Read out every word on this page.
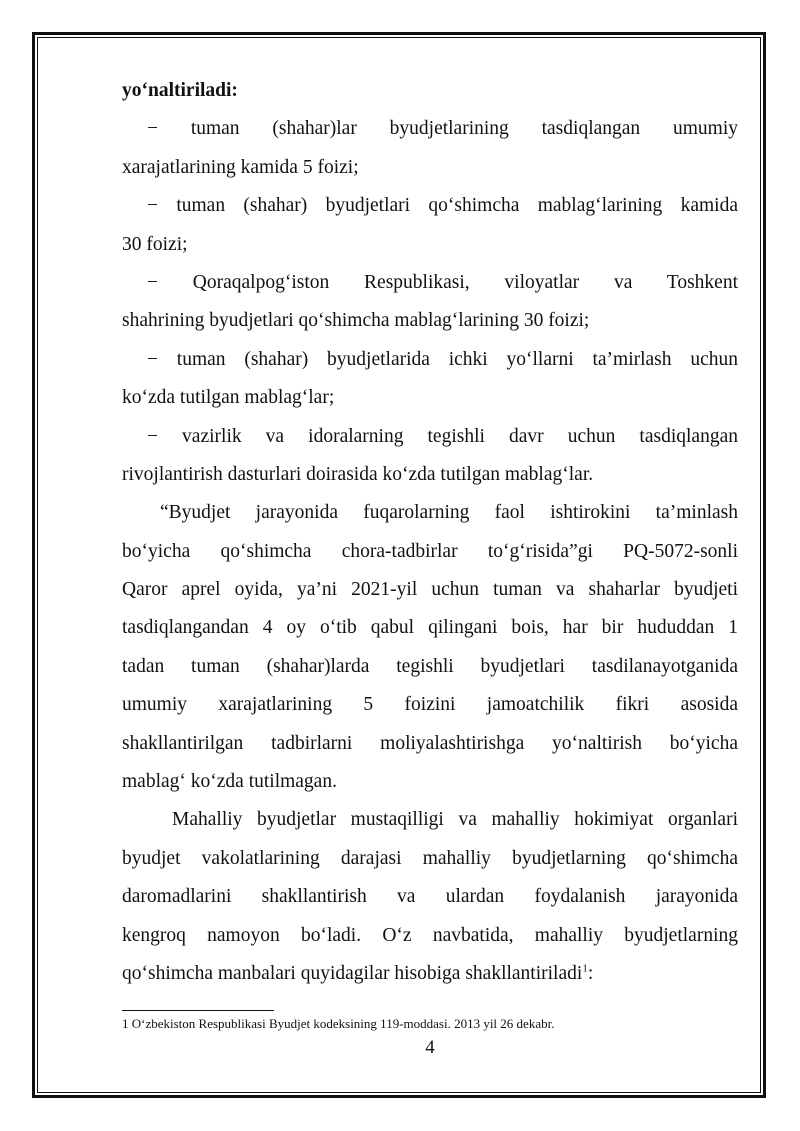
yo‘naltiriladi:
− tuman (shahar)lar byudjetlarining tasdiqlangan umumiy
xarajatlarining kamida 5 foizi;
− tuman (shahar) byudjetlari qo‘shimcha mablag‘larining kamida
30 foizi;
− Qoraqalpog‘iston Respublikasi, viloyatlar va Toshkent
shahrining byudjetlari qo‘shimcha mablag‘larining 30 foizi;
− tuman (shahar) byudjetlarida ichki yo‘llarni ta’mirlash uchun
ko‘zda tutilgan mablag‘lar;
− vazirlik va idoralarning tegishli davr uchun tasdiqlangan
rivojlantirish dasturlari doirasida ko‘zda tutilgan mablag‘lar.
“Byudjet jarayonida fuqarolarning faol ishtirokini ta’minlash
bo‘yicha qo‘shimcha chora-tadbirlar to‘g‘risida”gi PQ-5072-sonli
Qaror aprel oyida, ya’ni 2021-yil uchun tuman va shaharlar byudjeti
tasdiqlangandan 4 oy o‘tib qabul qilingani bois, har bir hududdan 1
tadan tuman (shahar)larda tegishli byudjetlari tasdilanayotganida
umumiy xarajatlarining 5 foizini jamoatchilik fikri asosida
shakllantirilgan tadbirlarni moliyalashtirishga yo‘naltirish bo‘yicha
mablag‘ ko‘zda tutilmagan.
Mahalliy byudjetlar mustaqilligi va mahalliy hokimiyat organlari
byudjet vakolatlarining darajasi mahalliy byudjetlarning qo‘shimcha
daromadlarini shakllantirish va ulardan foydalanish jarayonida
kengroq namoyon bo‘ladi. O‘z navbatida, mahalliy byudjetlarning
qo‘shimcha manbalari quyidagilar hisobiga shakllantiriladi$^1$:
1 O‘zbekiston Respublikasi Byudjet kodeksining 119-moddasi. 2013 yil 26 dekabr.
4
